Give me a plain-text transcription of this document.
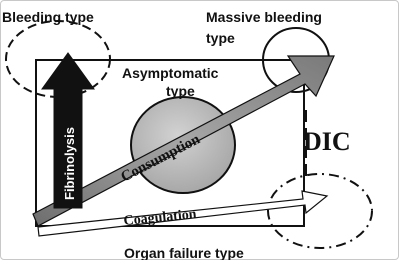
Bleeding type	Massive bleeding
type
Asymptomatic
type
DIC
Organ failure type
Fibrinolysis	Consumption
Coagulation
